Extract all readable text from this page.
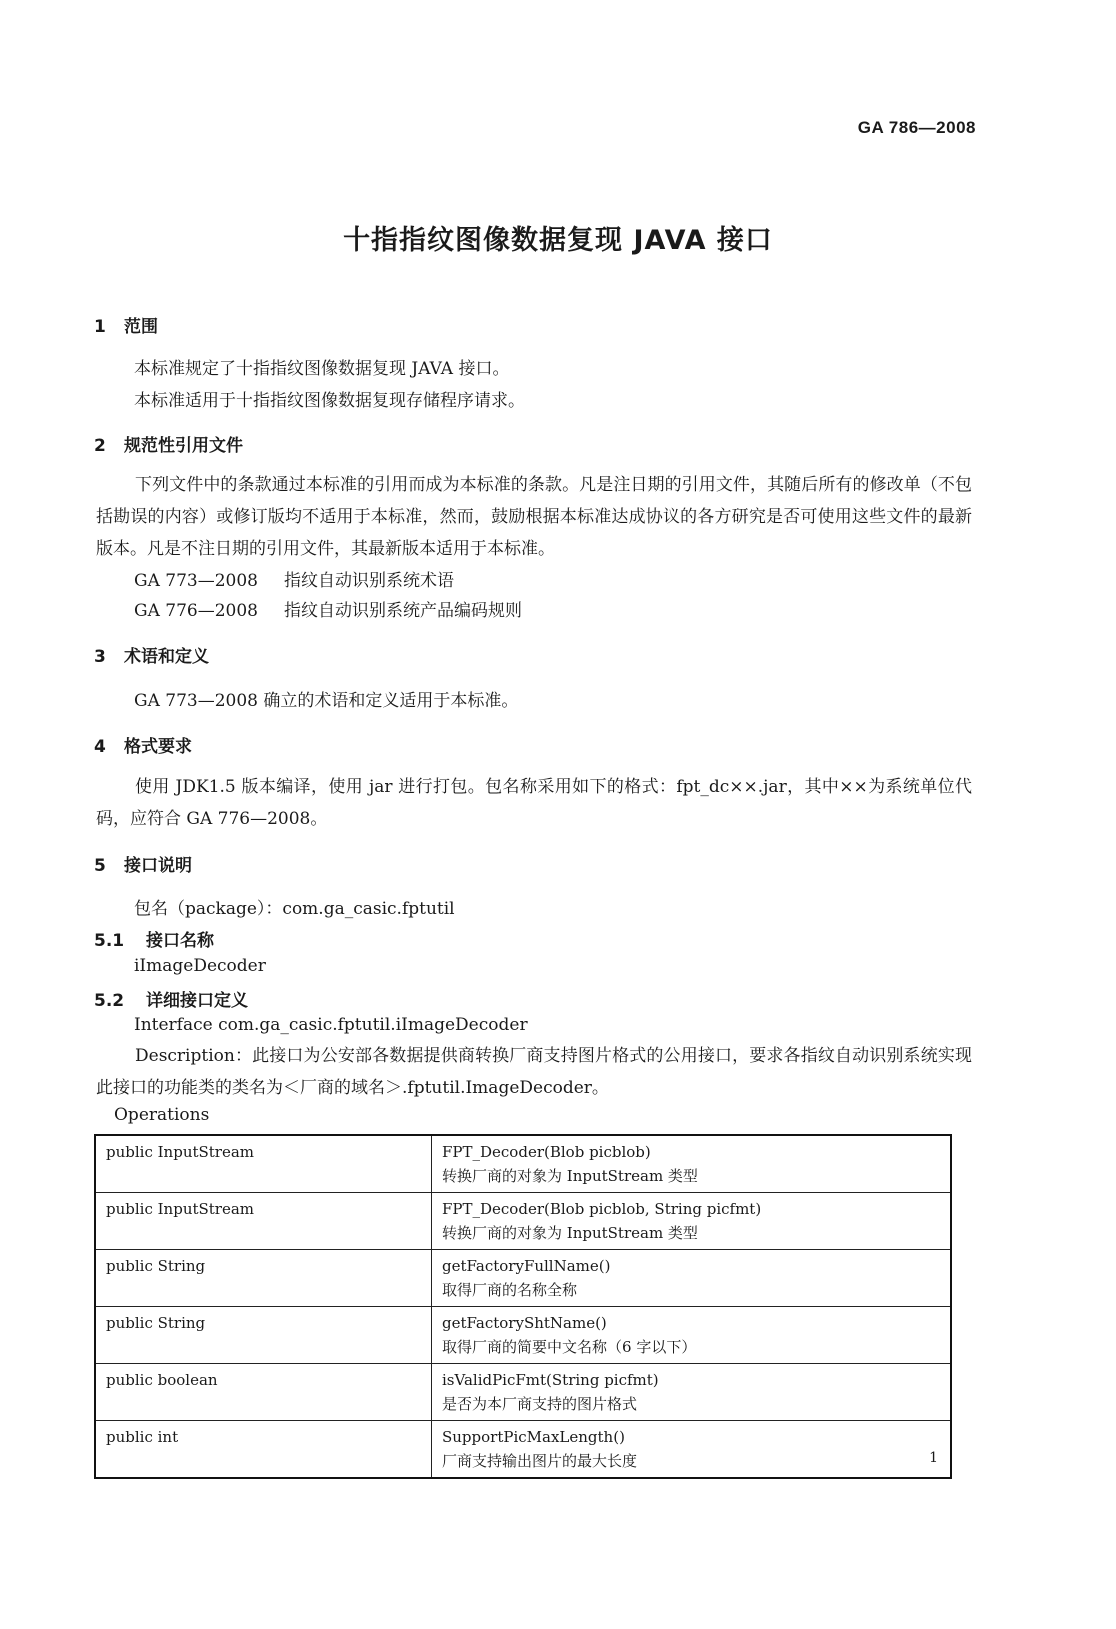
GA 786—2008
十指指纹图像数据复现 JAVA 接口
1 范围
本标准规定了十指指纹图像数据复现 JAVA 接口。
本标准适用于十指指纹图像数据复现存储程序请求。
2 规范性引用文件
下列文件中的条款通过本标准的引用而成为本标准的条款。凡是注日期的引用文件，其随后所有的修改单（不包括勘误的内容）或修订版均不适用于本标准，然而，鼓励根据本标准达成协议的各方研究是否可使用这些文件的最新版本。凡是不注日期的引用文件，其最新版本适用于本标准。
GA 773—2008 指纹自动识别系统术语
GA 776—2008 指纹自动识别系统产品编码规则
3 术语和定义
GA 773—2008 确立的术语和定义适用于本标准。
4 格式要求
使用 JDK1.5 版本编译，使用 jar 进行打包。包名称采用如下的格式：fpt_dc××.jar，其中××为系统单位代码，应符合 GA 776—2008。
5 接口说明
包名（package）：com.ga_casic.fptutil
5.1 接口名称
iImageDecoder
5.2 详细接口定义
Interface com.ga_casic.fptutil.iImageDecoder
Description：此接口为公安部各数据提供商转换厂商支持图片格式的公用接口，要求各指纹自动识别系统实现此接口的功能类的类名为＜厂商的域名＞.fptutil.ImageDecoder。
Operations
public InputStream	FPT_Decoder(Blob picblob)
转换厂商的对象为 InputStream 类型

public InputStream	FPT_Decoder(Blob picblob, String picfmt)
转换厂商的对象为 InputStream 类型

public String	getFactoryFullName()
取得厂商的名称全称

public String	getFactoryShtName()
取得厂商的简要中文名称（6 字以下）

public boolean	isValidPicFmt(String picfmt)
是否为本厂商支持的图片格式

public int	SupportPicMaxLength()
厂商支持输出图片的最大长度	1
